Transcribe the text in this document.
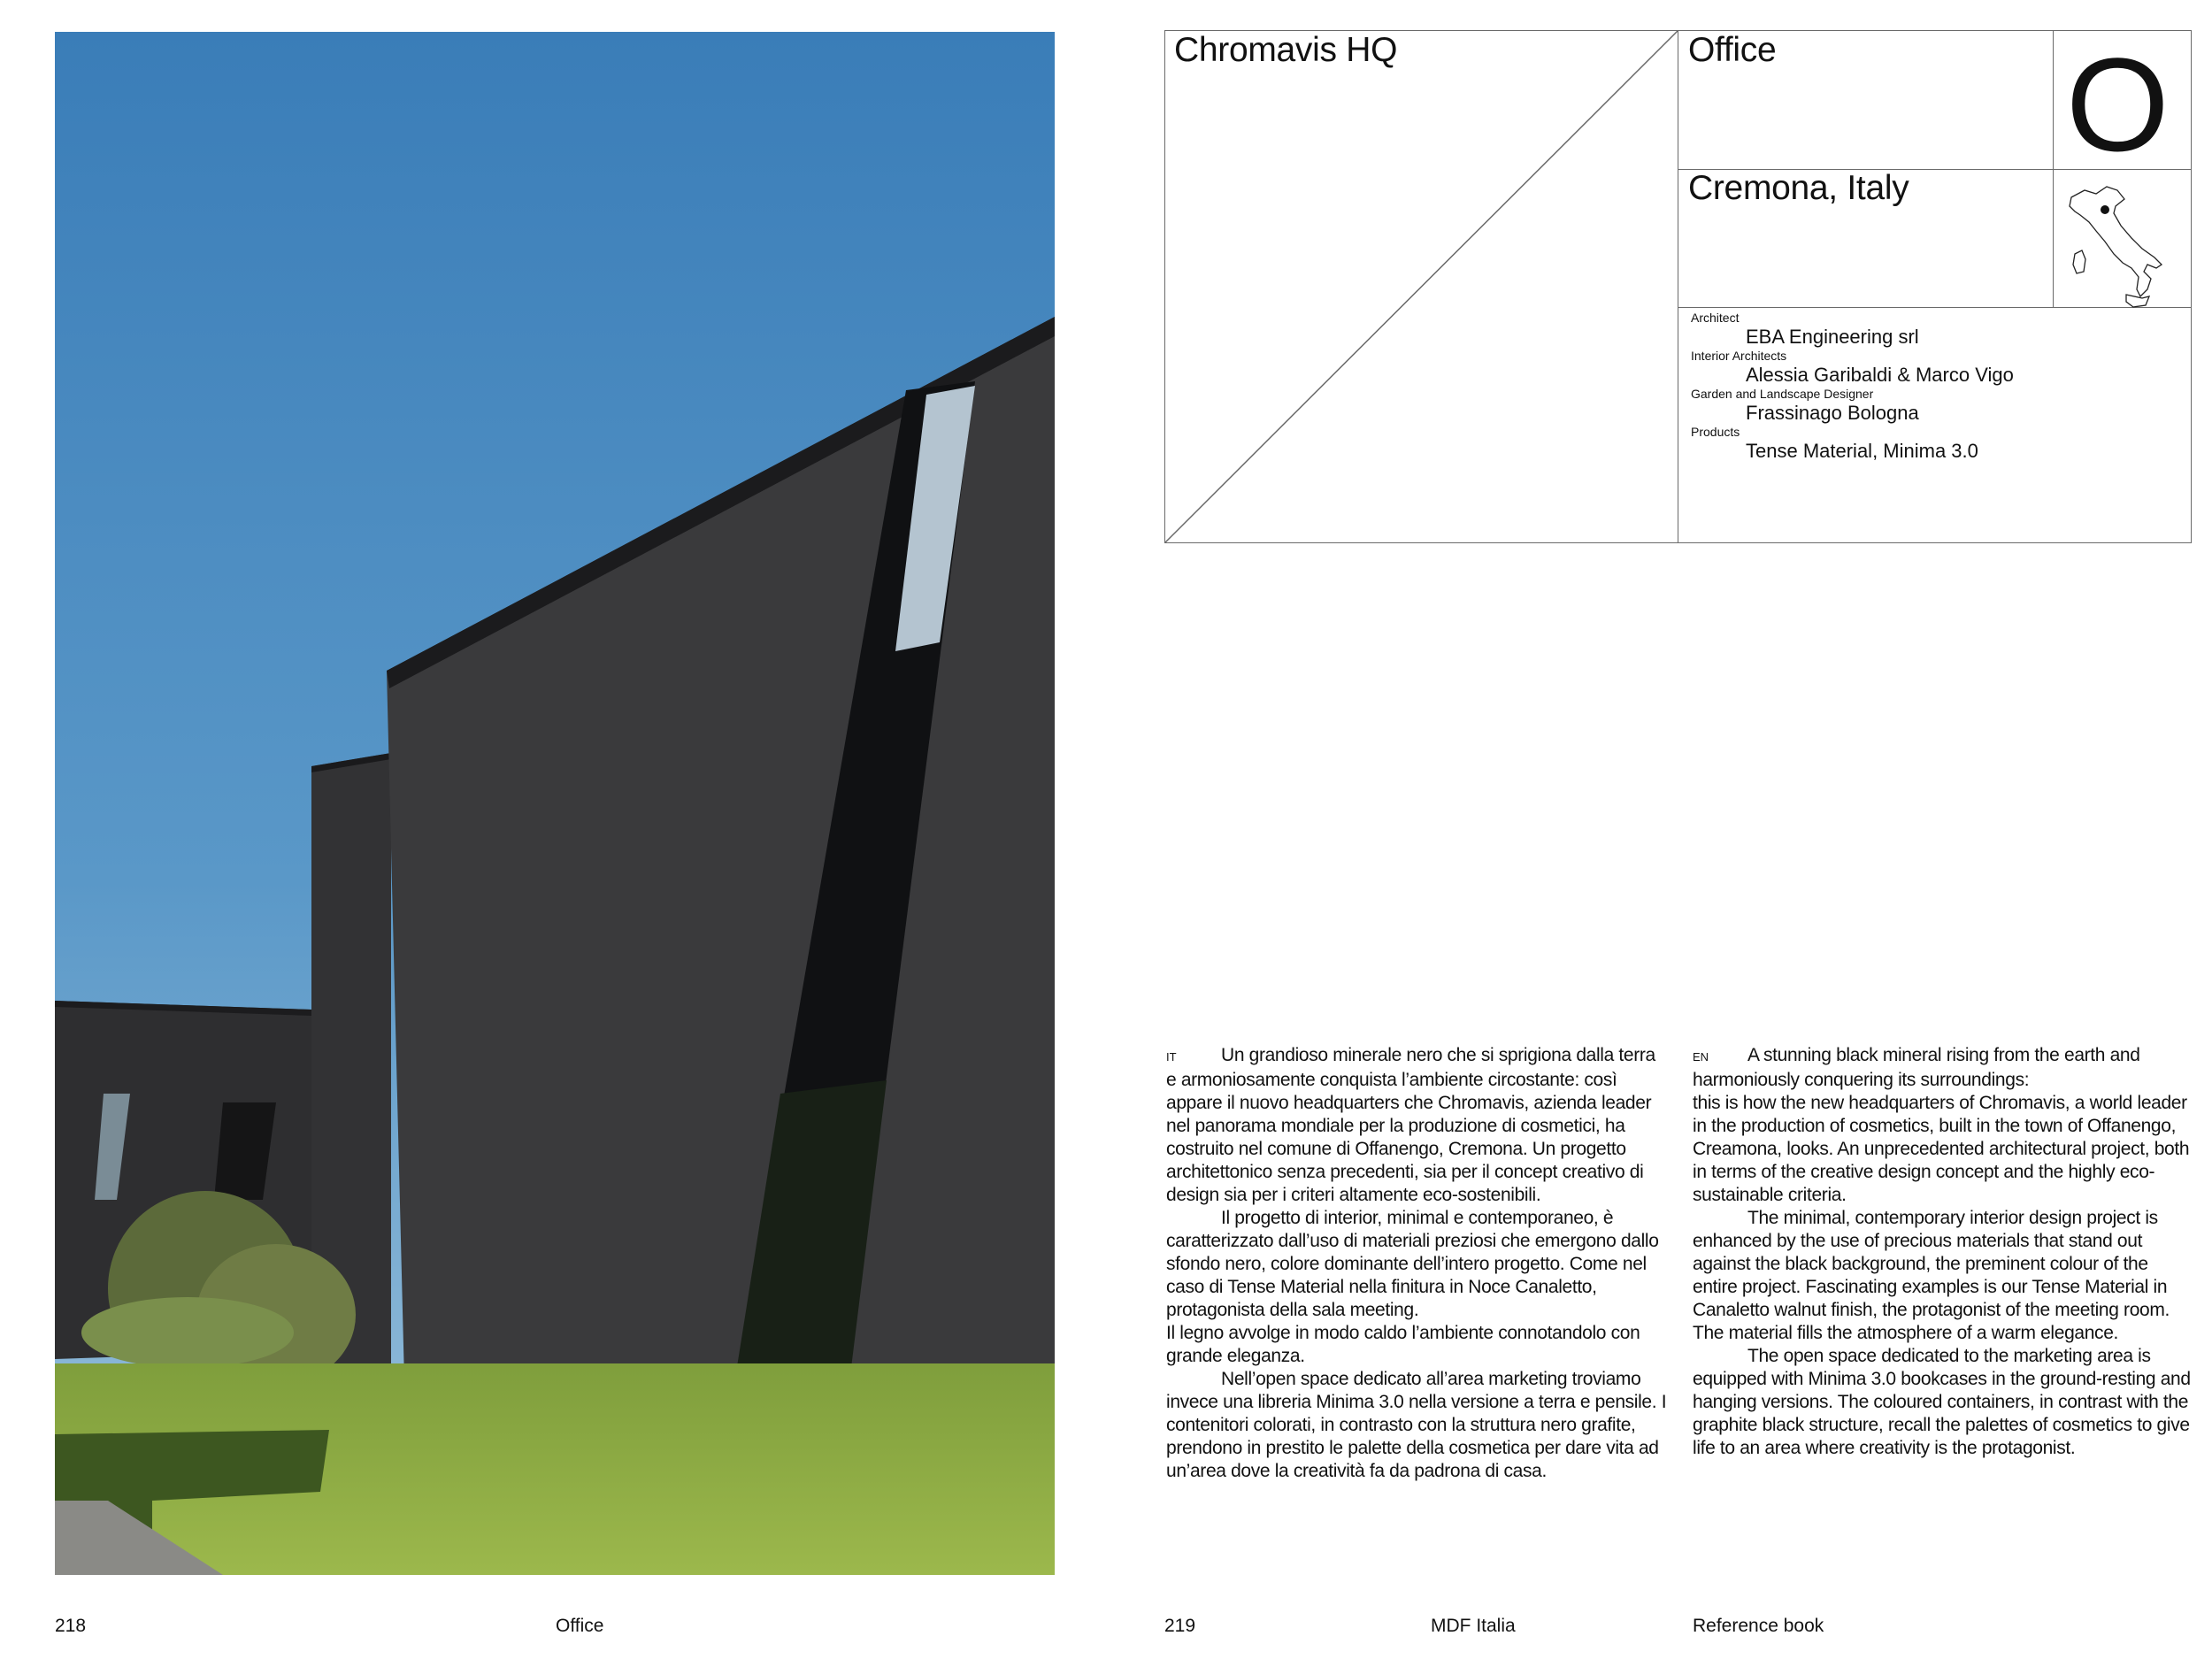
218	Office
Chromavis HQ	Office O
Cremona, Italy
Architect
EBA Engineering srl
Interior Architects
Alessia Garibaldi & Marco Vigo
Garden and Landscape Designer
Frassinago Bologna
Products
Tense Material, Minima 3.0

IT Un grandioso minerale nero che si sprigiona dalla terra e armoniosamente conquista l’ambiente circostante: così appare il nuovo headquarters che Chromavis, azienda leader nel panorama mondiale per la produzione di cosmetici, ha costruito nel comune di Offanengo, Cremona. Un progetto architettonico senza precedenti, sia per il concept creativo di design sia per i criteri altamente eco-sostenibili.

Il progetto di interior, minimal e contemporaneo, è caratterizzato dall’uso di materiali preziosi che emergono dallo sfondo nero, colore dominante dell’intero progetto. Come nel caso di Tense Material nella finitura in Noce Canaletto, protagonista della sala meeting.

Il legno avvolge in modo caldo l’ambiente connotandolo con grande eleganza.

Nell’open space dedicato all’area marketing troviamo invece una libreria Minima 3.0 nella versione a terra e pensile. I contenitori colorati, in contrasto con la struttura nero grafite, prendono in prestito le palette della cosmetica per dare vita ad un’area dove la creatività fa da padrona di casa.

EN A stunning black mineral rising from the earth and harmoniously conquering its surroundings:

this is how the new headquarters of Chromavis, a world leader in the production of cosmetics, built in the town of Offanengo, Creamona, looks. An unprecedented architectural project, both in terms of the creative design concept and the highly eco-sustainable criteria.

The minimal, contemporary interior design project is enhanced by the use of precious materials that stand out against the black background, the preminent colour of the entire project. Fascinating examples is our Tense Material in Canaletto walnut finish, the protagonist of the meeting room.

The material fills the atmosphere of a warm elegance.

The open space dedicated to the marketing area is equipped with Minima 3.0 bookcases in the ground-resting and hanging versions. The coloured containers, in contrast with the graphite black structure, recall the palettes of cosmetics to give life to an area where creativity is the protagonist.

219	MDF Italia	Reference book
